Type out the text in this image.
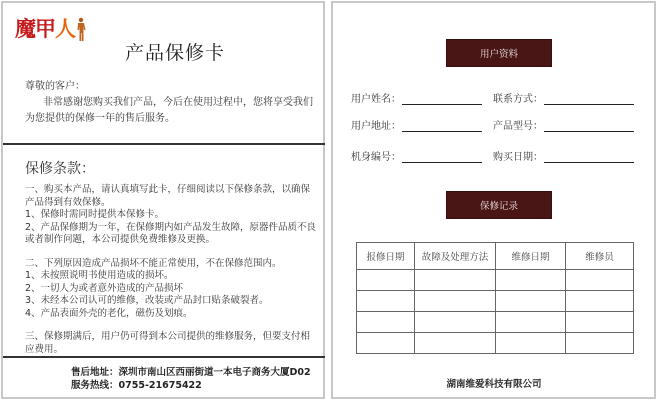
魔甲人
产品保修卡
尊敬的客户：
非常感谢您购买我们产品，今后在使用过程中，您将享受我们为您提供的保修一年的售后服务。
保修条款：

一、购买本产品，请认真填写此卡，仔细阅读以下保修条款，以确保产品得到有效保修。

1、保修时需同时提供本保修卡。

2、产品保修期为一年，在保修期内如产品发生故障，原器件品质不良或者制作问题，本公司提供免费维修及更换。

二、下列原因造成产品损坏不能正常使用，不在保修范围内。

1、未按照说明书使用造成的损坏。

2、一切人为或者意外造成的产品损坏

3、未经本公司认可的维修，改装或产品封口贴条破裂者。

4、产品表面外壳的老化，磁伤及划痕。

三、保修期满后，用户仍可得到本公司提供的维修服务，但要支付相应费用。

售后地址：深圳市南山区西丽街道一本电子商务大厦D02
服务热线：0755-21675422
用户资料
用户姓名：	联系方式：
用户地址：	产品型号：
机身编号：	购买日期：
保修记录
报修日期	故障及处理方法	维修日期	维修员

湖南维爱科技有限公司
